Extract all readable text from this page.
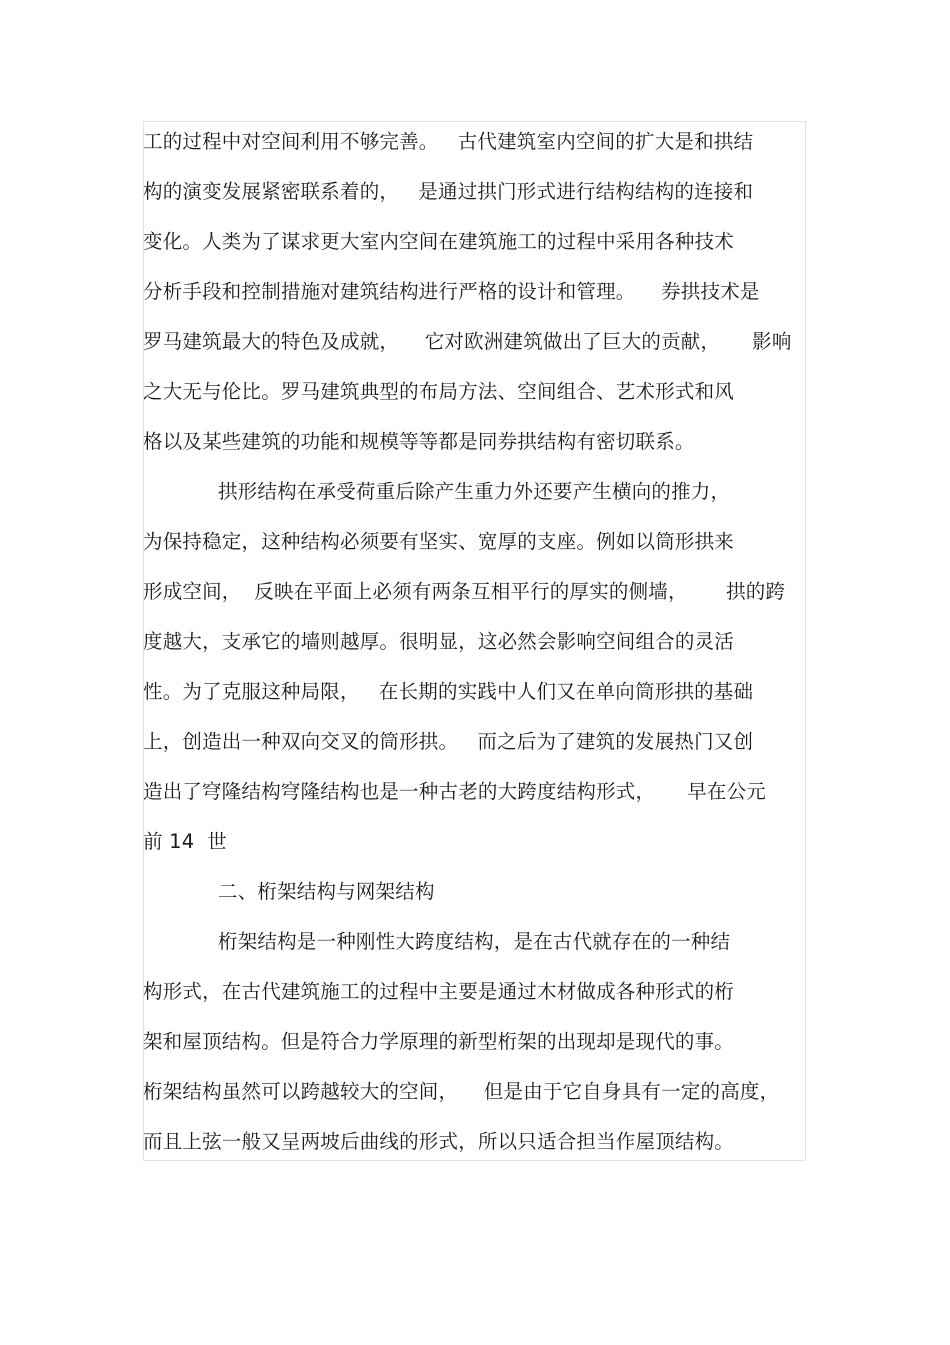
工的过程中对空间利用不够完善。   古代建筑室内空间的扩大是和拱结
构的演变发展紧密联系着的，   是通过拱门形式进行结构结构的连接和
变化。人类为了谋求更大室内空间在建筑施工的过程中采用各种技术
分析手段和控制措施对建筑结构进行严格的设计和管理。    券拱技术是
罗马建筑最大的特色及成就，    它对欧洲建筑做出了巨大的贡献，     影响
之大无与伦比。罗马建筑典型的布局方法、空间组合、艺术形式和风
格以及某些建筑的功能和规模等等都是同券拱结构有密切联系。
拱形结构在承受荷重后除产生重力外还要产生横向的推力，
为保持稳定，这种结构必须要有坚实、宽厚的支座。例如以筒形拱来
形成空间，  反映在平面上必须有两条互相平行的厚实的侧墙，      拱的跨
度越大，支承它的墙则越厚。很明显，这必然会影响空间组合的灵活
性。为了克服这种局限，   在长期的实践中人们又在单向筒形拱的基础
上，创造出一种双向交叉的筒形拱。   而之后为了建筑的发展热门又创
造出了穹隆结构穹隆结构也是一种古老的大跨度结构形式，     早在公元
前 14  世
二、桁架结构与网架结构
桁架结构是一种刚性大跨度结构，是在古代就存在的一种结
构形式，在古代建筑施工的过程中主要是通过木材做成各种形式的桁
架和屋顶结构。但是符合力学原理的新型桁架的出现却是现代的事。
桁架结构虽然可以跨越较大的空间，    但是由于它自身具有一定的高度，
而且上弦一般又呈两坡后曲线的形式，所以只适合担当作屋顶结构。
